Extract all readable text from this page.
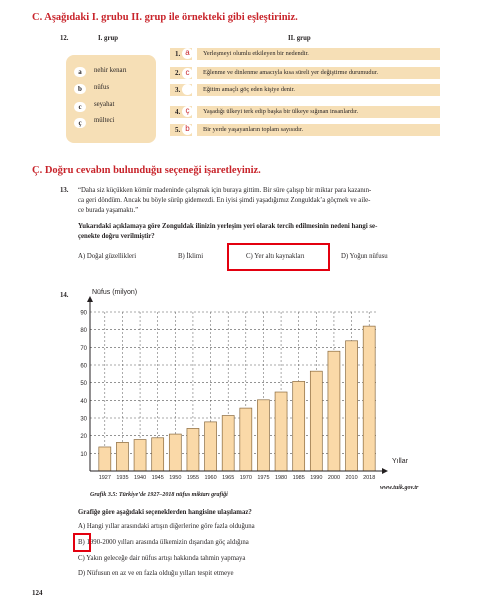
C. Aşağıdaki I. grubu II. grup ile örnekteki gibi eşleştiriniz.
12.	I. grup	II. grup
a	nehir kenarı
b	nüfus
c	seyahat
ç	mülteci
1. a	Yerleşmeyi olumlu etkileyen bir nedendir.
2. c	Eğlenme ve dinlenme amacıyla kısa süreli yer değiştirme durumudur.
3.	Eğitim amaçlı göç eden kişiye denir.
4. ç	Yaşadığı ülkeyi terk edip başka bir ülkeye sığınan insanlardır.
5. b	Bir yerde yaşayanların toplam sayısıdır.
Ç. Doğru cevabın bulunduğu seçeneği işaretleyiniz.
13. “Daha siz küçükken kömür madeninde çalışmak için buraya gittim. Bir süre çalışıp bir miktar para kazanın-
ca geri döndüm. Ancak bu böyle sürüp gidemezdi. En iyisi şimdi yaşadığımız Zonguldak’a göçmek ve aile-
ce burada yaşamaktı.”
Yukarıdaki açıklamaya göre Zonguldak ilinizin yerleşim yeri olarak tercih edilmesinin nedeni hangi se-
çenekte doğru verilmiştir?
A) Doğal güzellikleri	B) İklimi	C) Yer altı kaynakları	D) Yoğun nüfusu
14.
10
20
30
40
50
60
70
80
90
1927 1935 1940 1945 1950 1955 1960 1965 1970 1975 1980 1985 1990 2000 2010 2018
Nüfus (milyon)
Yıllar
Grafik 3.5: Türkiye’de 1927–2018 nüfus miktarı grafiği
www.tuik.gov.tr
Grafiğe göre aşağıdaki seçeneklerden hangisine ulaşılamaz?
A) Hangi yıllar arasındaki artışın diğerlerine göre fazla olduğuna
B) 1990-2000 yılları arasında ülkemizin dışarıdan göç aldığına
C) Yakın geleceğe dair nüfus artışı hakkında tahmin yapmaya
D) Nüfusun en az ve en fazla olduğu yılları tespit etmeye
124
